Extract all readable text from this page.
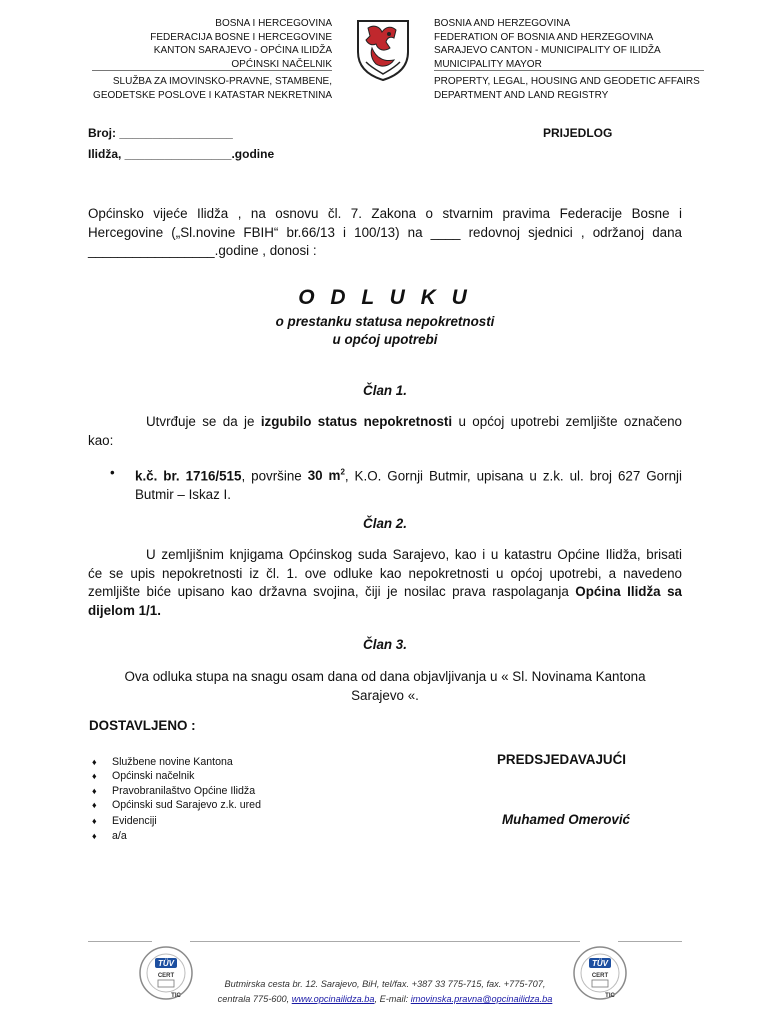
BOSNA I HERCEGOVINA
FEDERACIJA BOSNE I HERCEGOVINE
KANTON SARAJEVO - OPĆINA ILIDŽA
OPĆINSKI NAČELNIK
SLUŽBA ZA IMOVINSKO-PRAVNE, STAMBENE,
GEODETSKE POSLOVE I KATASTAR NEKRETNINA
BOSNIA AND HERZEGOVINA
FEDERATION OF BOSNIA AND HERZEGOVINA
SARAJEVO CANTON - MUNICIPALITY OF ILIDŽA
MUNICIPALITY MAYOR
PROPERTY, LEGAL, HOUSING AND GEODETIC AFFAIRS
DEPARTMENT AND LAND REGISTRY
Broj: _________________
Ilidža, ________________.godine
PRIJEDLOG
Općinsko vijeće Ilidža , na osnovu čl. 7. Zakona o stvarnim pravima Federacije Bosne i
Hercegovine („Sl.novine FBIH“ br.66/13 i 100/13) na ____ redovnoj sjednici , održanoj dana
_________________.godine , donosi :
O D L U K U
o prestanku statusa nepokretnosti
u općoj upotrebi
Član 1.
Utvrđuje se da je izgubilo status nepokretnosti u općoj upotrebi zemljište označeno
kao:
• k.č. br. 1716/515, površine 30 $m^2$, K.O. Gornji Butmir, upisana u z.k. ul. broj 627 Gornji
Butmir – Iskaz I.
Član 2.
U zemljišnim knjigama Općinskog suda Sarajevo, kao i u katastru Općine Ilidža, brisati
će se upis nepokretnosti iz čl. 1. ove odluke kao nepokretnosti u općoj upotrebi, a navedeno
zemljište biće upisano kao državna svojina, čiji je nosilac prava raspolaganja Općina Ilidža sa
dijelom 1/1.
Član 3.
Ova odluka stupa na snagu osam dana od dana objavljivanja u « Sl. Novinama Kantona
Sarajevo «.
DOSTAVLJENO :
♦ Službene novine Kantona
♦ Općinski načelnik
♦ Pravobranilaštvo Općine Ilidža
♦ Općinski sud Sarajevo z.k. ured
♦ Evidenciji
♦ a/a
PREDSJEDAVAJUĆI
Muhamed Omerović
TÜV
CERT
TIC
TÜV
CERT
TIC
Butmirska cesta br. 12. Sarajevo, BiH, tel/fax. +387 33 775-715, fax. +775-707,
centrala 775-600, www.opcinailidza.ba, E-mail: imovinska.pravna@opcinailidza.ba
